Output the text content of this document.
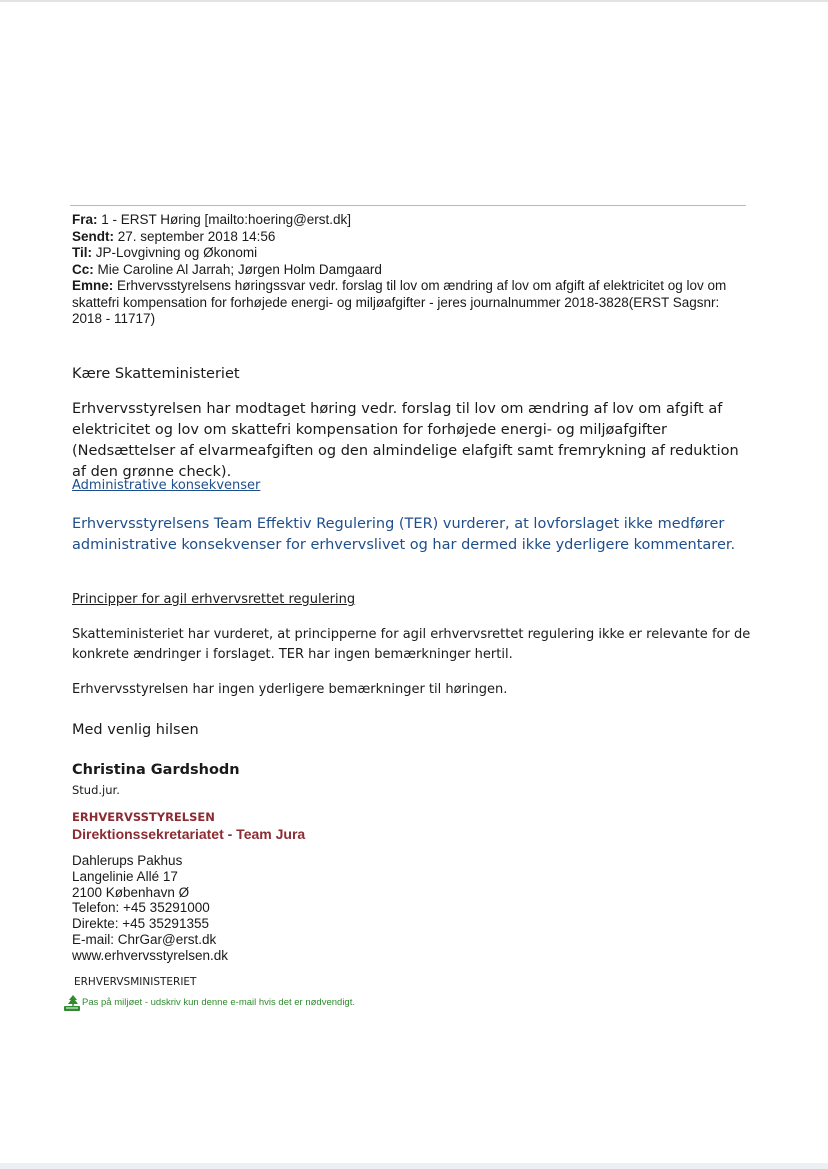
Fra: 1 - ERST Høring [mailto:hoering@erst.dk]
Sendt: 27. september 2018 14:56
Til: JP-Lovgivning og Økonomi
Cc: Mie Caroline Al Jarrah; Jørgen Holm Damgaard
Emne: Erhvervsstyrelsens høringssvar vedr. forslag til lov om ændring af lov om afgift af elektricitet og lov om skattefri kompensation for forhøjede energi- og miljøafgifter - jeres journalnummer 2018-3828(ERST Sagsnr: 2018 - 11717)
Kære Skatteministeriet
Erhvervsstyrelsen har modtaget høring vedr. forslag til lov om ændring af lov om afgift af elektricitet og lov om skattefri kompensation for forhøjede energi- og miljøafgifter (Nedsættelser af elvarmeafgiften og den almindelige elafgift samt fremrykning af reduktion af den grønne check).
Administrative konsekvenser
Erhvervsstyrelsens Team Effektiv Regulering (TER) vurderer, at lovforslaget ikke medfører administrative konsekvenser for erhvervslivet og har dermed ikke yderligere kommentarer.
Principper for agil erhvervsrettet regulering
Skatteministeriet har vurderet, at principperne for agil erhvervsrettet regulering ikke er relevante for de konkrete ændringer i forslaget. TER har ingen bemærkninger hertil.
Erhvervsstyrelsen har ingen yderligere bemærkninger til høringen.
Med venlig hilsen
Christina Gardshodn
Stud.jur.
ERHVERVSSTYRELSEN
Direktionssekretariatet - Team Jura
Dahlerups Pakhus
Langelinie Allé 17
2100 København Ø
Telefon: +45 35291000
Direkte: +45 35291355
E-mail: ChrGar@erst.dk
www.erhvervsstyrelsen.dk
ERHVERVSMINISTERIET
Pas på miljøet - udskriv kun denne e-mail hvis det er nødvendigt.
